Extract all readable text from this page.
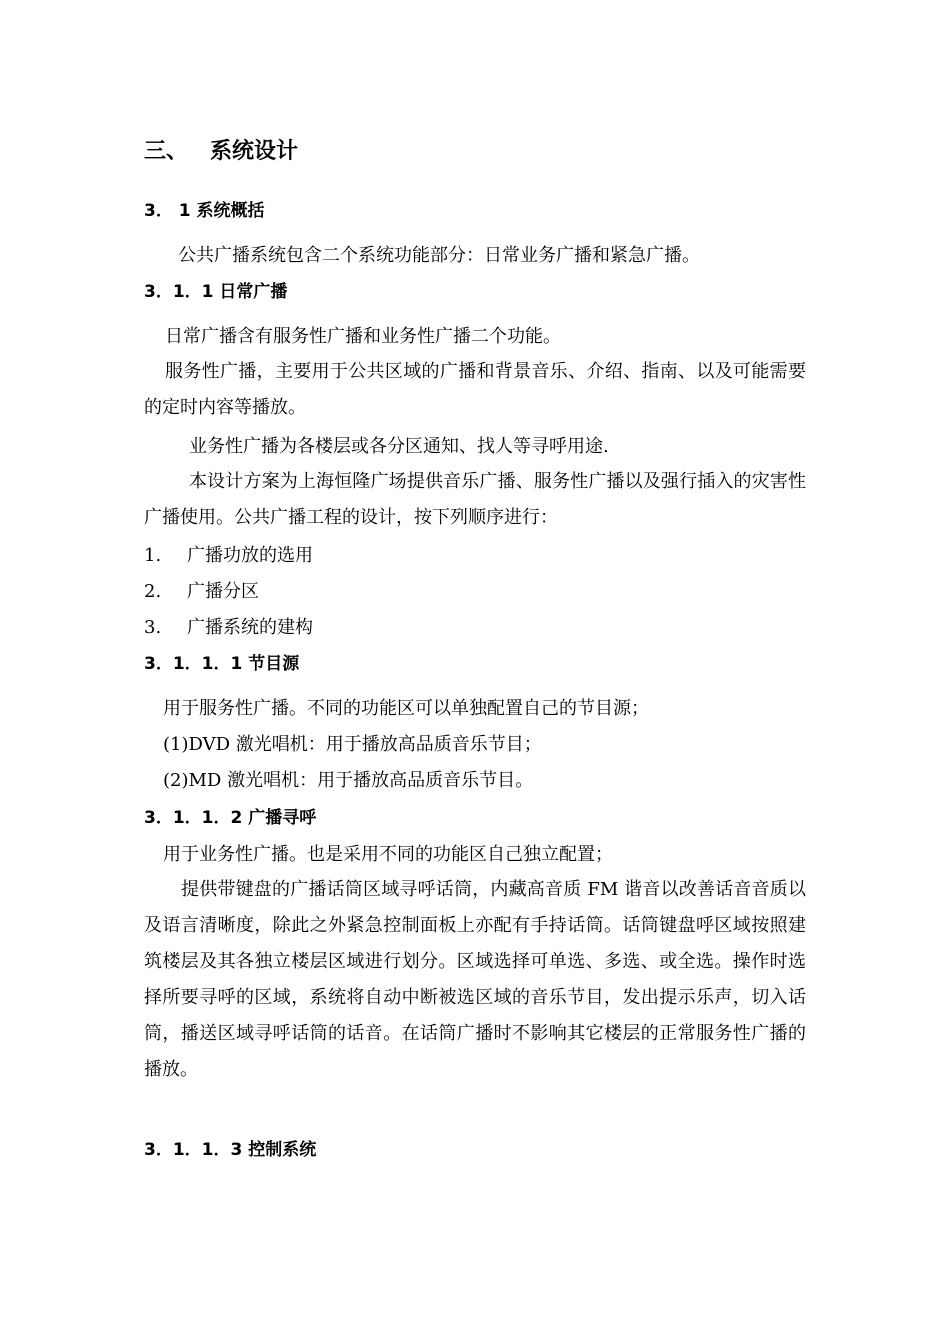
三、 系统设计
3． 1 系统概括
公共广播系统包含二个系统功能部分：日常业务广播和紧急广播。
3．1．1 日常广播
日常广播含有服务性广播和业务性广播二个功能。
服务性广播，主要用于公共区域的广播和背景音乐、介绍、指南、以及可能需要的定时内容等播放。
业务性广播为各楼层或各分区通知、找人等寻呼用途.
本设计方案为上海恒隆广场提供音乐广播、服务性广播以及强行插入的灾害性广播使用。公共广播工程的设计，按下列顺序进行：
1. 广播功放的选用
2. 广播分区
3. 广播系统的建构
3．1．1．1 节目源
用于服务性广播。不同的功能区可以单独配置自己的节目源；
(1)DVD 激光唱机：用于播放高品质音乐节目；
(2)MD 激光唱机：用于播放高品质音乐节目。
3．1．1．2 广播寻呼
用于业务性广播。也是采用不同的功能区自己独立配置；
提供带键盘的广播话筒区域寻呼话筒，内藏高音质 FM 谐音以改善话音音质以及语言清晰度，除此之外紧急控制面板上亦配有手持话筒。话筒键盘呼区域按照建筑楼层及其各独立楼层区域进行划分。区域选择可单选、多选、或全选。操作时选择所要寻呼的区域，系统将自动中断被选区域的音乐节目，发出提示乐声，切入话筒，播送区域寻呼话筒的话音。在话筒广播时不影响其它楼层的正常服务性广播的播放。
3．1．1．3 控制系统
